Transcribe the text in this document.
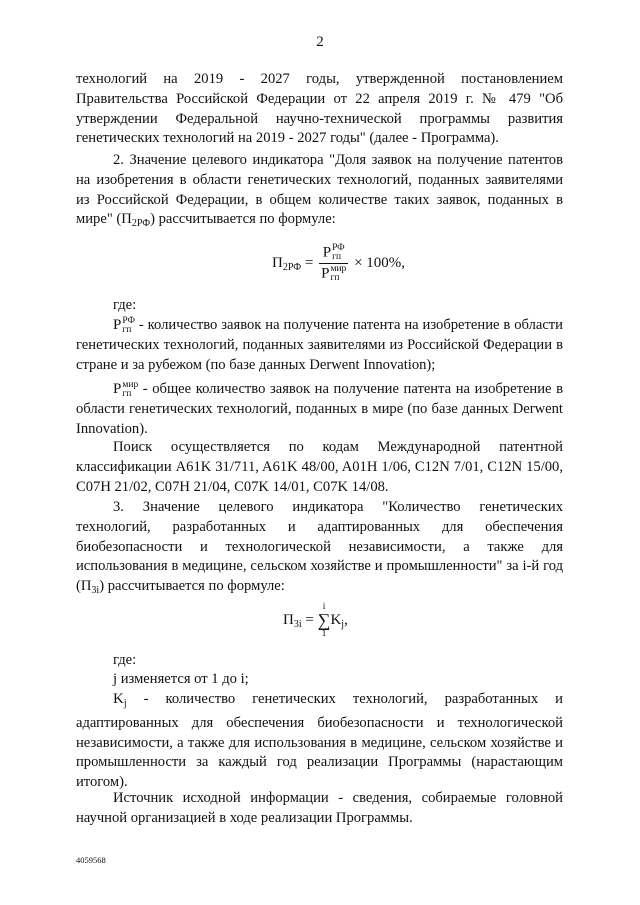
2

технологий на 2019 - 2027 годы, утвержденной постановлением Правительства Российской Федерации от 22 апреля 2019 г. № 479 "Об утверждении Федеральной научно-технической программы развития генетических технологий на 2019 - 2027 годы" (далее - Программа).

2. Значение целевого индикатора "Доля заявок на получение патентов на изобретения в области генетических технологий, поданных заявителями из Российской Федерации, в общем количестве таких заявок, поданных в мире" $(П_{2РФ})$ рассчитывается по формуле:

$П_{2РФ} = Р$ РФ
гп
Р мир
гп × 100%,

где:

Р РФ
гп - количество заявок на получение патента на изобретение в области генетических технологий, поданных заявителями из Российской Федерации в стране и за рубежом (по базе данных Derwent Innovation);

Р мир
гп - общее количество заявок на получение патента на изобретение в области генетических технологий, поданных в мире (по базе данных Derwent Innovation).

Поиск осуществляется по кодам Международной патентной классификации A61K 31/711, A61K 48/00, A01H 1/06, C12N 7/01, C12N 15/00, C07H 21/02, C07H 21/04, C07K 14/01, C07K 14/08.

3. Значение целевого индикатора "Количество генетических технологий, разработанных и адаптированных для обеспечения биобезопасности и технологической независимости, а также для использования в медицине, сельском хозяйстве и промышленности" за i-й год $(П_{3i})$ рассчитывается по формуле:

$П_{3i}$ =
i
∑
1
$K_j$,

где:

j изменяется от 1 до i;

$K_j$ - количество генетических технологий, разработанных и адаптированных для обеспечения биобезопасности и технологической независимости, а также для использования в медицине, сельском хозяйстве и промышленности за каждый год реализации Программы (нарастающим итогом).

Источник исходной информации - сведения, собираемые головной научной организацией в ходе реализации Программы.

4059568
